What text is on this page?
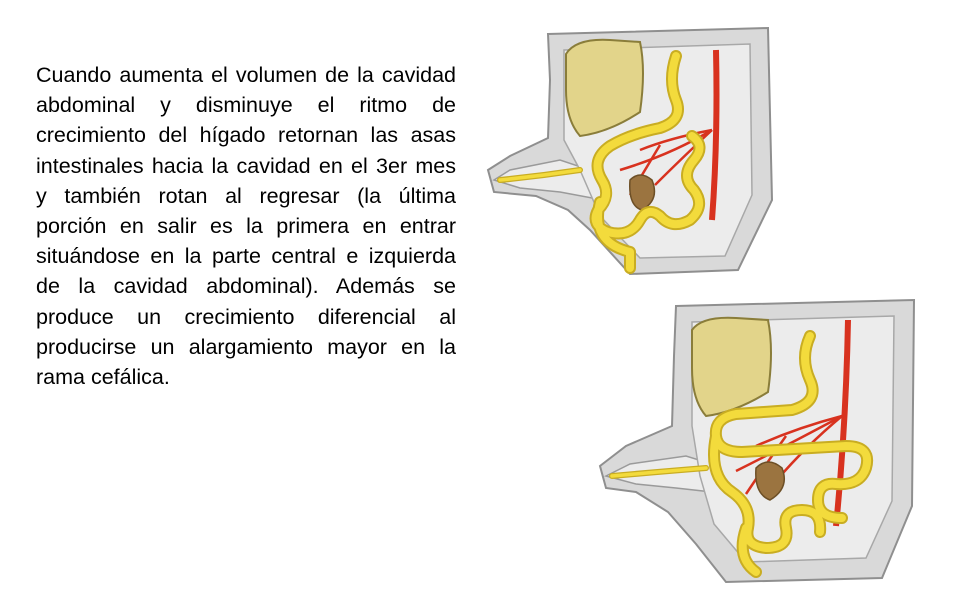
Cuando aumenta el volumen de la cavidad abdominal y disminuye el ritmo de crecimiento del hígado retornan las asas intestinales hacia la cavidad en el 3er mes y también rotan al regresar (la última porción en salir es la primera en entrar situándose en la parte central e izquierda de la cavidad abdominal). Además se produce un crecimiento diferencial al producirse un alargamiento mayor en la rama cefálica.
